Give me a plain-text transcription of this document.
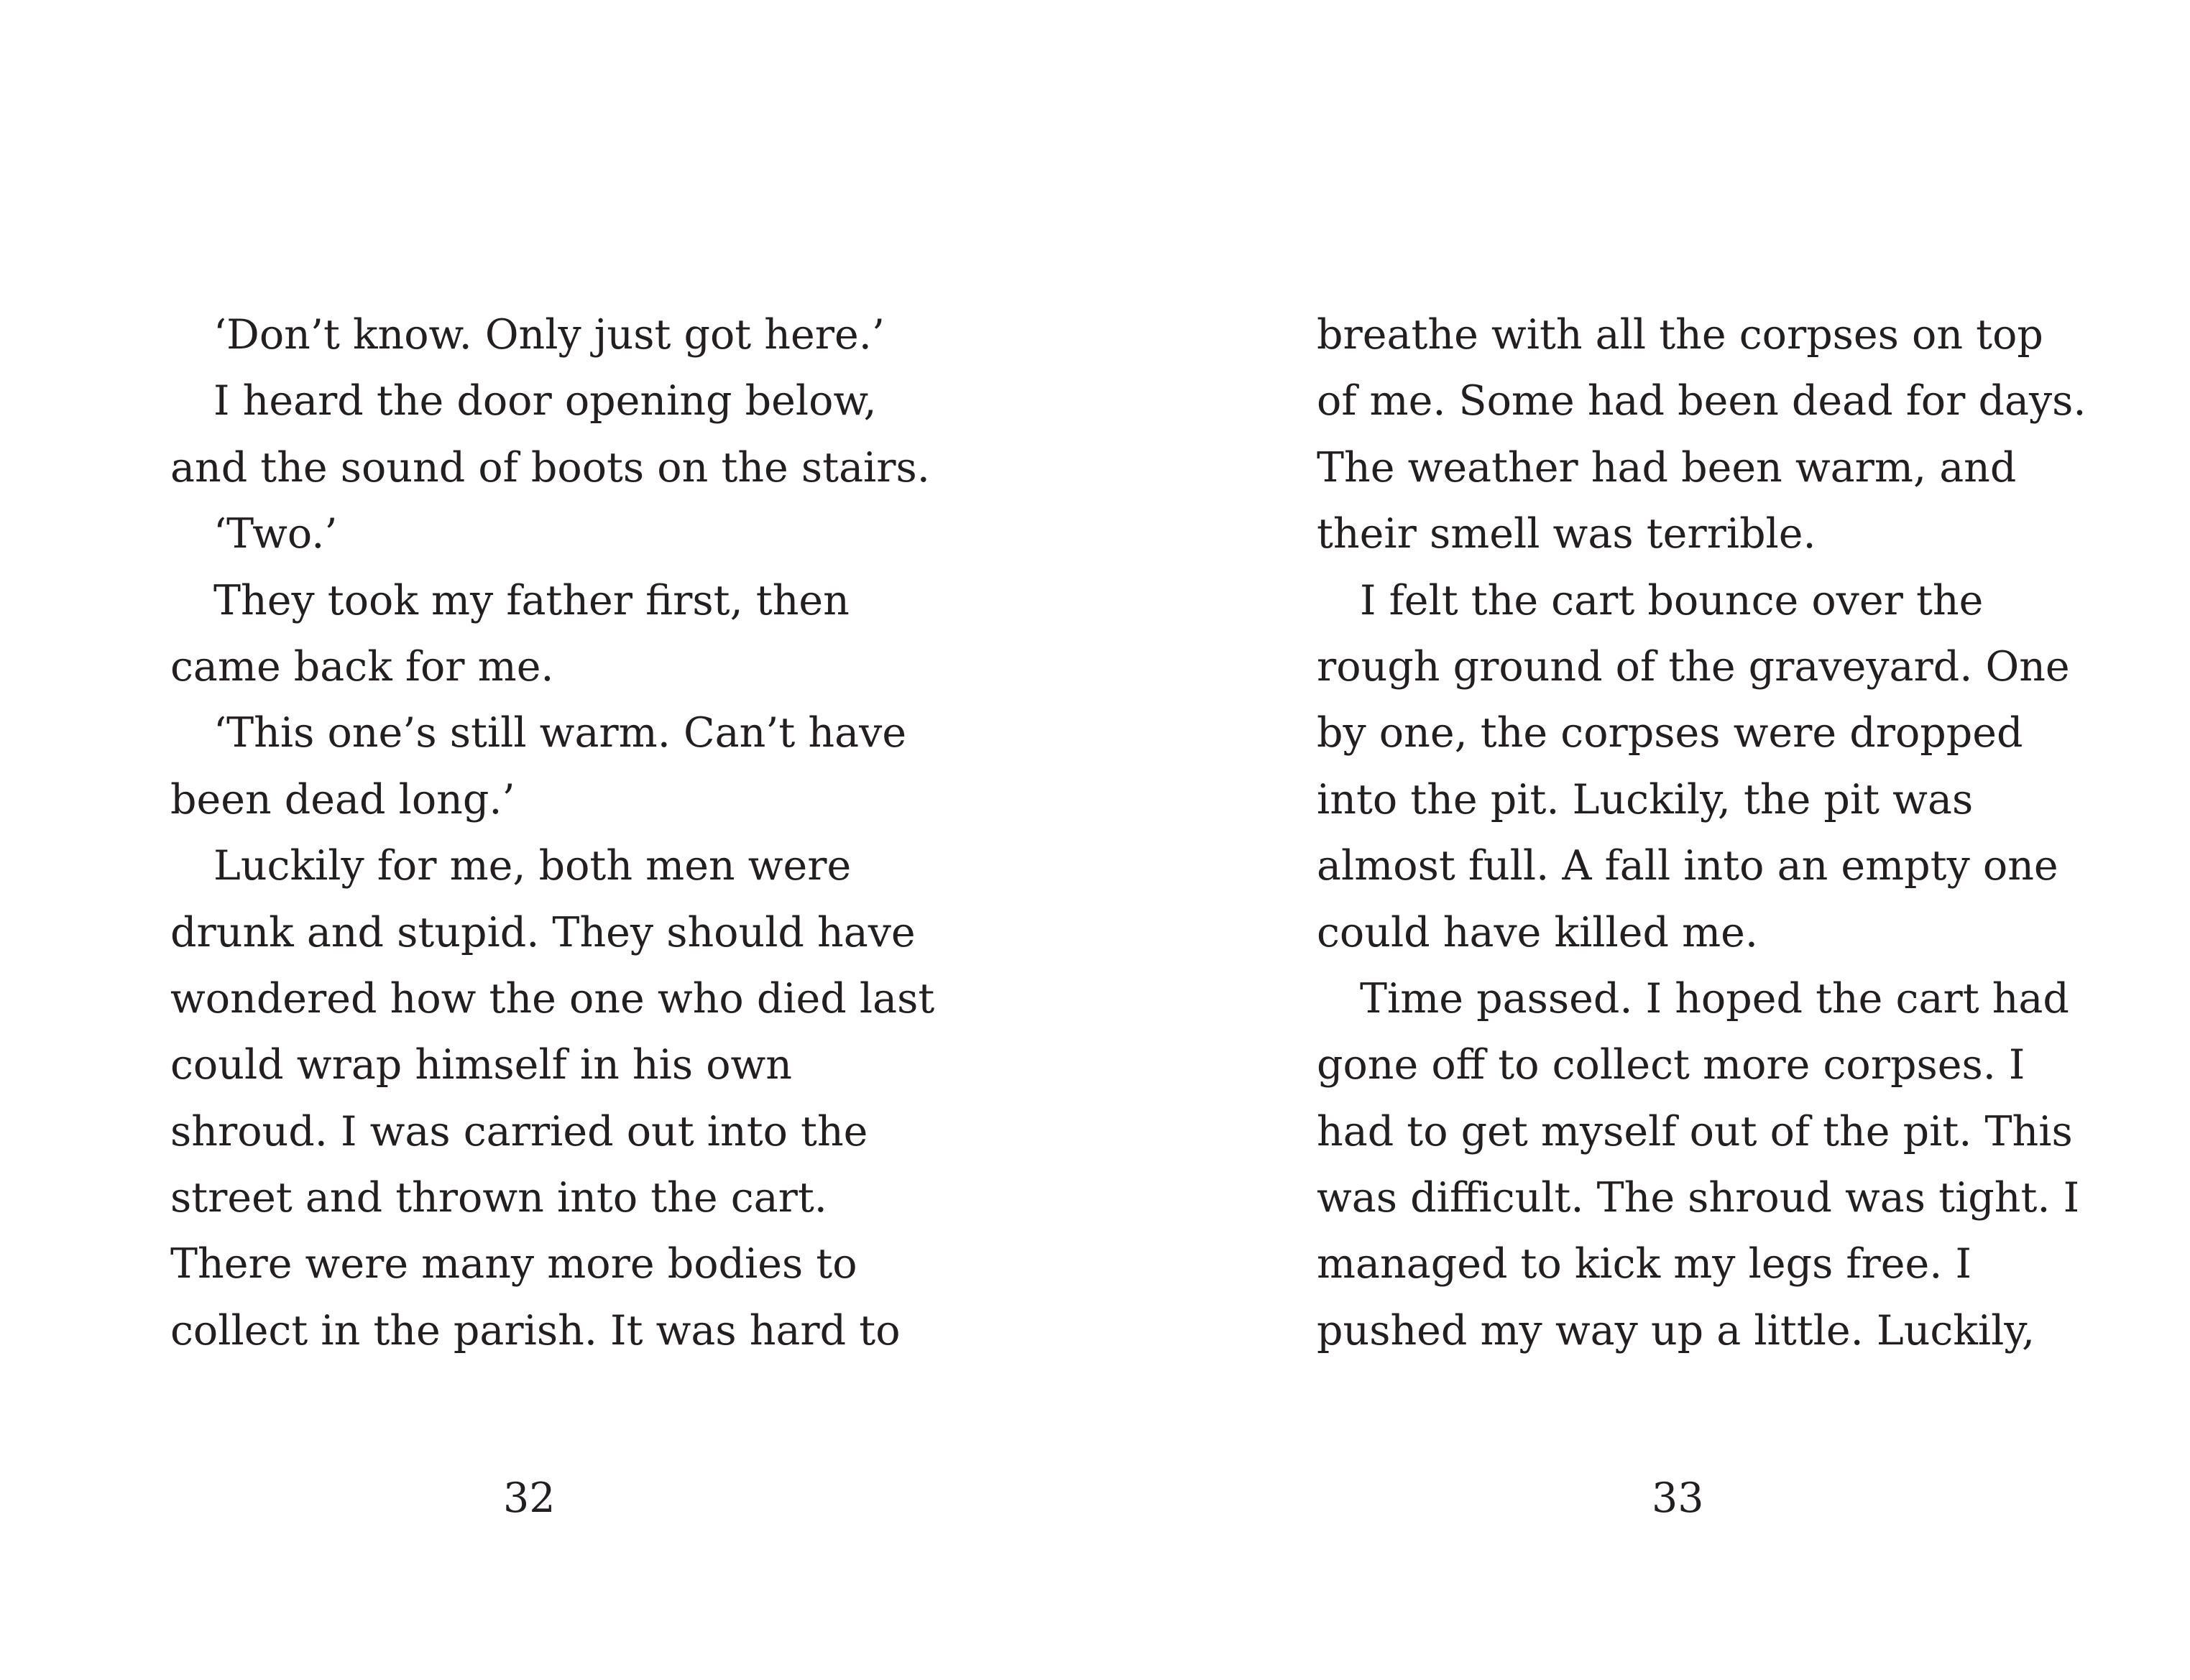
‘Don’t know. Only just got here.’
I heard the door opening below,
and the sound of boots on the stairs.
‘Two.’
They took my father first, then
came back for me.
‘This one’s still warm. Can’t have
been dead long.’
Luckily for me, both men were
drunk and stupid. They should have
wondered how the one who died last
could wrap himself in his own
shroud. I was carried out into the
street and thrown into the cart.
There were many more bodies to
collect in the parish. It was hard to
32
breathe with all the corpses on top
of me. Some had been dead for days.
The weather had been warm, and
their smell was terrible.
I felt the cart bounce over the
rough ground of the graveyard. One
by one, the corpses were dropped
into the pit. Luckily, the pit was
almost full. A fall into an empty one
could have killed me.
Time passed. I hoped the cart had
gone off to collect more corpses. I
had to get myself out of the pit. This
was difficult. The shroud was tight. I
managed to kick my legs free. I
pushed my way up a little. Luckily,
33
